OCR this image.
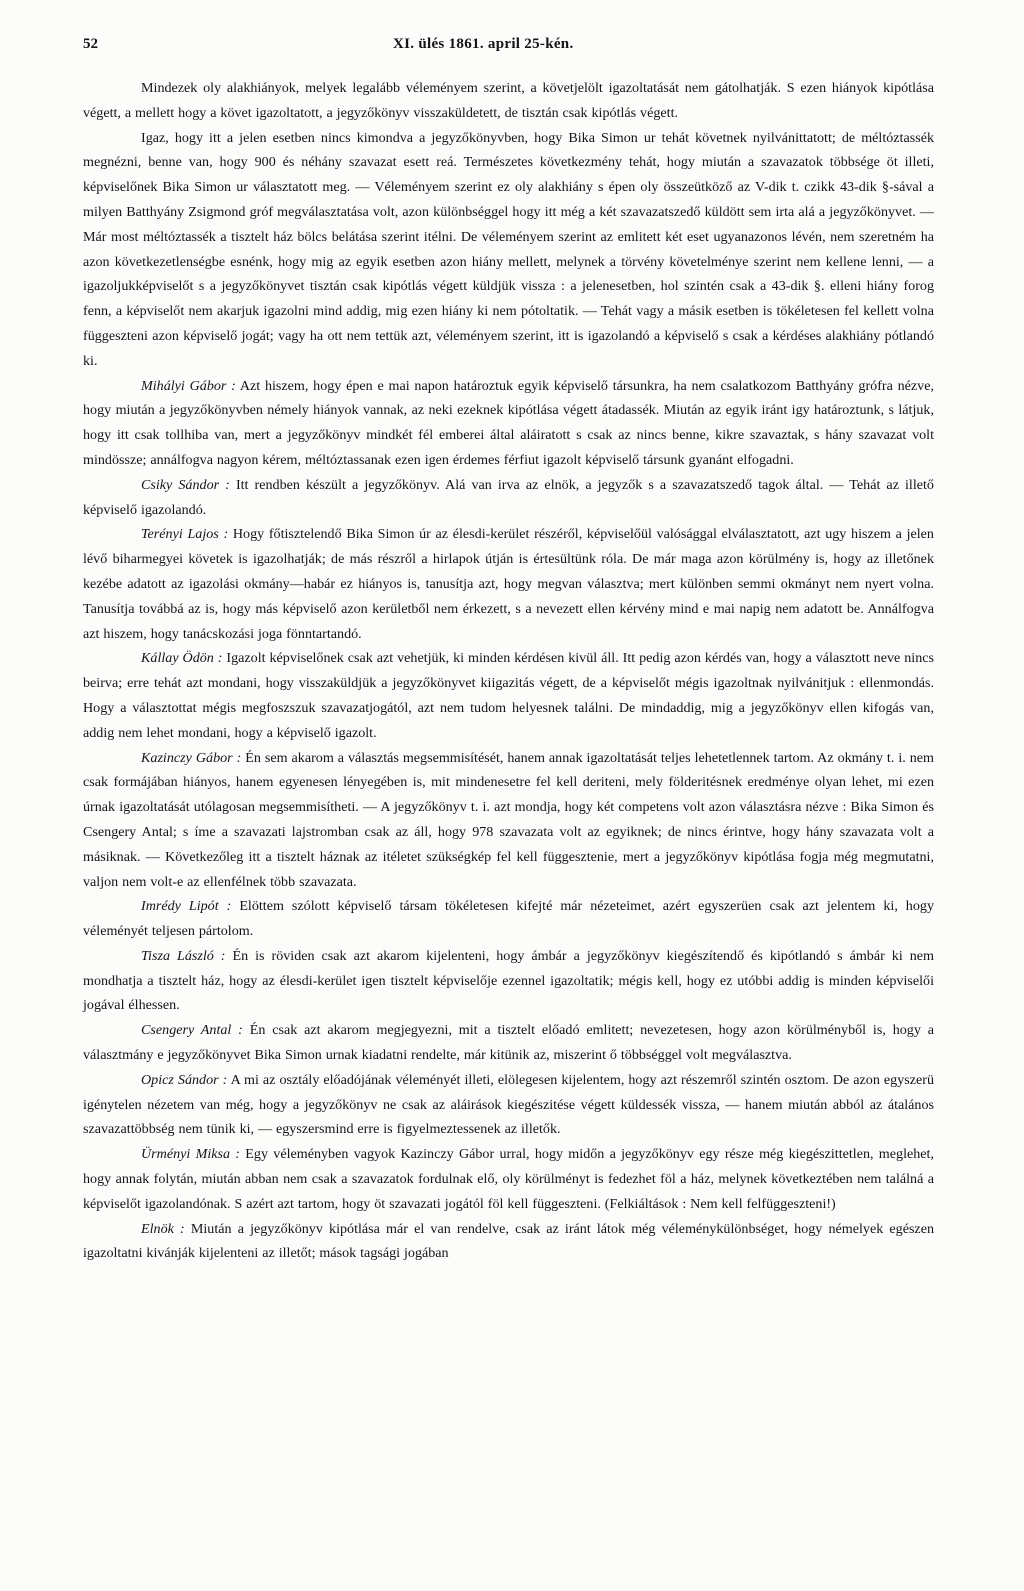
52	XI. ülés 1861. april 25-kén.

Mindezek oly alakhiányok, melyek legalább véleményem szerint, a követjelölt igazoltatását nem gátolhatják. S ezen hiányok kipótlása végett, a mellett hogy a követ igazoltatott, a jegyzőkönyv visszaküldetett, de tisztán csak kipótlás végett.

Igaz, hogy itt a jelen esetben nincs kimondva a jegyzőkönyvben, hogy Bika Simon ur tehát követnek nyilvánittatott; de méltóztassék megnézni, benne van, hogy 900 és néhány szavazat esett reá. Természetes következmény tehát, hogy miután a szavazatok többsége öt illeti, képviselőnek Bika Simon ur választatott meg. — Véleményem szerint ez oly alakhiány s épen oly összeütköző az V-dik t. czikk 43-dik §-sával a milyen Batthyány Zsigmond gróf megválasztatása volt, azon különbséggel hogy itt még a két szavazatszedő küldött sem irta alá a jegyzőkönyvet. — Már most méltóztassék a tisztelt ház bölcs belátása szerint itélni. De véleményem szerint az emlitett két eset ugyanazonos lévén, nem szeretném ha azon következetlenségbe esnénk, hogy mig az egyik esetben azon hiány mellett, melynek a törvény követelménye szerint nem kellene lenni, — a igazoljukképviselőt s a jegyzőkönyvet tisztán csak kipótlás végett küldjük vissza : a jelenesetben, hol szintén csak a 43-dik §. elleni hiány forog fenn, a képviselőt nem akarjuk igazolni mind addig, mig ezen hiány ki nem pótoltatik. — Tehát vagy a másik esetben is tökéletesen fel kellett volna függeszteni azon képviselő jogát; vagy ha ott nem tettük azt, véleményem szerint, itt is igazolandó a képviselő s csak a kérdéses alakhiány pótlandó ki.

Mihályi Gábor : Azt hiszem, hogy épen e mai napon határoztuk egyik képviselő társunkra, ha nem csalatkozom Batthyány grófra nézve, hogy miután a jegyzőkönyvben némely hiányok vannak, az neki ezeknek kipótlása végett átadassék. Miután az egyik iránt igy határoztunk, s látjuk, hogy itt csak tollhiba van, mert a jegyzőkönyv mindkét fél emberei által aláiratott s csak az nincs benne, kikre szavaztak, s hány szavazat volt mindössze; annálfogva nagyon kérem, méltóztassanak ezen igen érdemes férfiut igazolt képviselő társunk gyanánt elfogadni.

Csiky Sándor : Itt rendben készült a jegyzőkönyv. Alá van irva az elnök, a jegyzők s a szavazatszedő tagok által. — Tehát az illető képviselő igazolandó.

Terényi Lajos : Hogy főtisztelendő Bika Simon úr az élesdi-kerület részéről, képviselőül valósággal elválasztatott, azt ugy hiszem a jelen lévő biharmegyei követek is igazolhatják; de más részről a hirlapok útján is értesültünk róla. De már maga azon körülmény is, hogy az illetőnek kezébe adatott az igazolási okmány—habár ez hiányos is, tanusítja azt, hogy megvan választva; mert különben semmi okmányt nem nyert volna. Tanusítja továbbá az is, hogy más képviselő azon kerületből nem érkezett, s a nevezett ellen kérvény mind e mai napig nem adatott be. Annálfogva azt hiszem, hogy tanácskozási joga fönntartandó.

Kállay Ödön : Igazolt képviselőnek csak azt vehetjük, ki minden kérdésen kivül áll. Itt pedig azon kérdés van, hogy a választott neve nincs beirva; erre tehát azt mondani, hogy visszaküldjük a jegyzőkönyvet kiigazitás végett, de a képviselőt mégis igazoltnak nyilvánitjuk : ellenmondás. Hogy a választottat mégis megfoszszuk szavazatjogától, azt nem tudom helyesnek találni. De mindaddig, mig a jegyzőkönyv ellen kifogás van, addig nem lehet mondani, hogy a képviselő igazolt.

Kazinczy Gábor : Én sem akarom a választás megsemmisítését, hanem annak igazoltatását teljes lehetetlennek tartom. Az okmány t. i. nem csak formájában hiányos, hanem egyenesen lényegében is, mit mindenesetre fel kell deriteni, mely földeritésnek eredménye olyan lehet, mi ezen úrnak igazoltatását utólagosan megsemmisítheti. — A jegyzőkönyv t. i. azt mondja, hogy két competens volt azon választásra nézve : Bika Simon és Csengery Antal; s íme a szavazati lajstromban csak az áll, hogy 978 szavazata volt az egyiknek; de nincs érintve, hogy hány szavazata volt a másiknak. — Következőleg itt a tisztelt háznak az itéletet szükségkép fel kell függesztenie, mert a jegyzőkönyv kipótlása fogja még megmutatni, valjon nem volt-e az ellenfélnek több szavazata.

Imrédy Lipót : Elöttem szólott képviselő társam tökéletesen kifejté már nézeteimet, azért egyszerüen csak azt jelentem ki, hogy véleményét teljesen pártolom.

Tisza László : Én is röviden csak azt akarom kijelenteni, hogy ámbár a jegyzőkönyv kiegészítendő és kipótlandó s ámbár ki nem mondhatja a tisztelt ház, hogy az élesdi-kerület igen tisztelt képviselője ezennel igazoltatik; mégis kell, hogy ez utóbbi addig is minden képviselői jogával élhessen.

Csengery Antal : Én csak azt akarom megjegyezni, mit a tisztelt előadó emlitett; nevezetesen, hogy azon körülményből is, hogy a választmány e jegyzőkönyvet Bika Simon urnak kiadatni rendelte, már kitünik az, miszerint ő többséggel volt megválasztva.

Opicz Sándor : A mi az osztály előadójának véleményét illeti, elölegesen kijelentem, hogy azt részemről szintén osztom. De azon egyszerü igénytelen nézetem van még, hogy a jegyzőkönyv ne csak az aláirások kiegészitése végett küldessék vissza, — hanem miután abból az átalános szavazattöbbség nem tünik ki, — egyszersmind erre is figyelmeztessenek az illetők.

Ürményi Miksa : Egy véleményben vagyok Kazinczy Gábor urral, hogy midőn a jegyzőkönyv egy része még kiegészittetlen, meglehet, hogy annak folytán, miután abban nem csak a szavazatok fordulnak elő, oly körülményt is fedezhet föl a ház, melynek következtében nem találná a képviselőt igazolandónak. S azért azt tartom, hogy öt szavazati jogától föl kell függeszteni. (Felkiáltások : Nem kell felfüggeszteni!)

Elnök : Miután a jegyzőkönyv kipótlása már el van rendelve, csak az iránt látok még véleménykülönbséget, hogy némelyek egészen igazoltatni kivánják kijelenteni az illetőt; mások tagsági jogában
